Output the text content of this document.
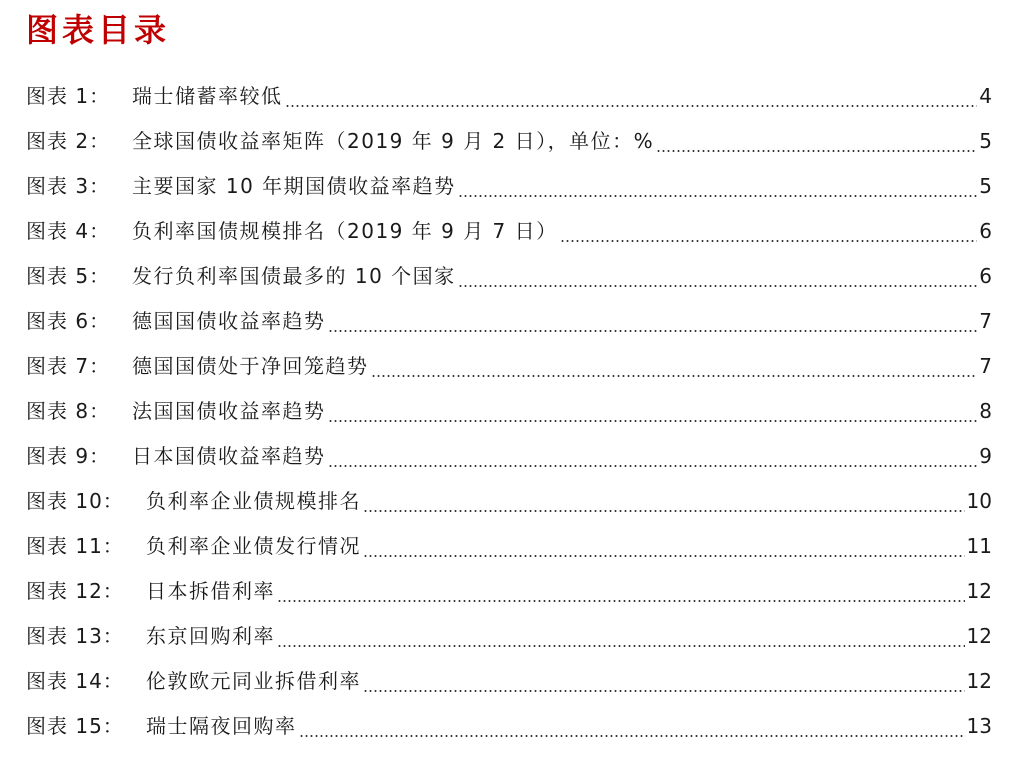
图表目录
图表 1：	瑞士储蓄率较低	4
图表 2：	全球国债收益率矩阵（2019 年 9 月 2 日），单位：%	5
图表 3：	主要国家 10 年期国债收益率趋势	5
图表 4：	负利率国债规模排名（2019 年 9 月 7 日）	6
图表 5：	发行负利率国债最多的 10 个国家	6
图表 6：	德国国债收益率趋势	7
图表 7：	德国国债处于净回笼趋势	7
图表 8：	法国国债收益率趋势	8
图表 9：	日本国债收益率趋势	9
图表 10：	负利率企业债规模排名	10
图表 11：	负利率企业债发行情况	11
图表 12：	日本拆借利率	12
图表 13：	东京回购利率	12
图表 14：	伦敦欧元同业拆借利率	12
图表 15：	瑞士隔夜回购率	13
